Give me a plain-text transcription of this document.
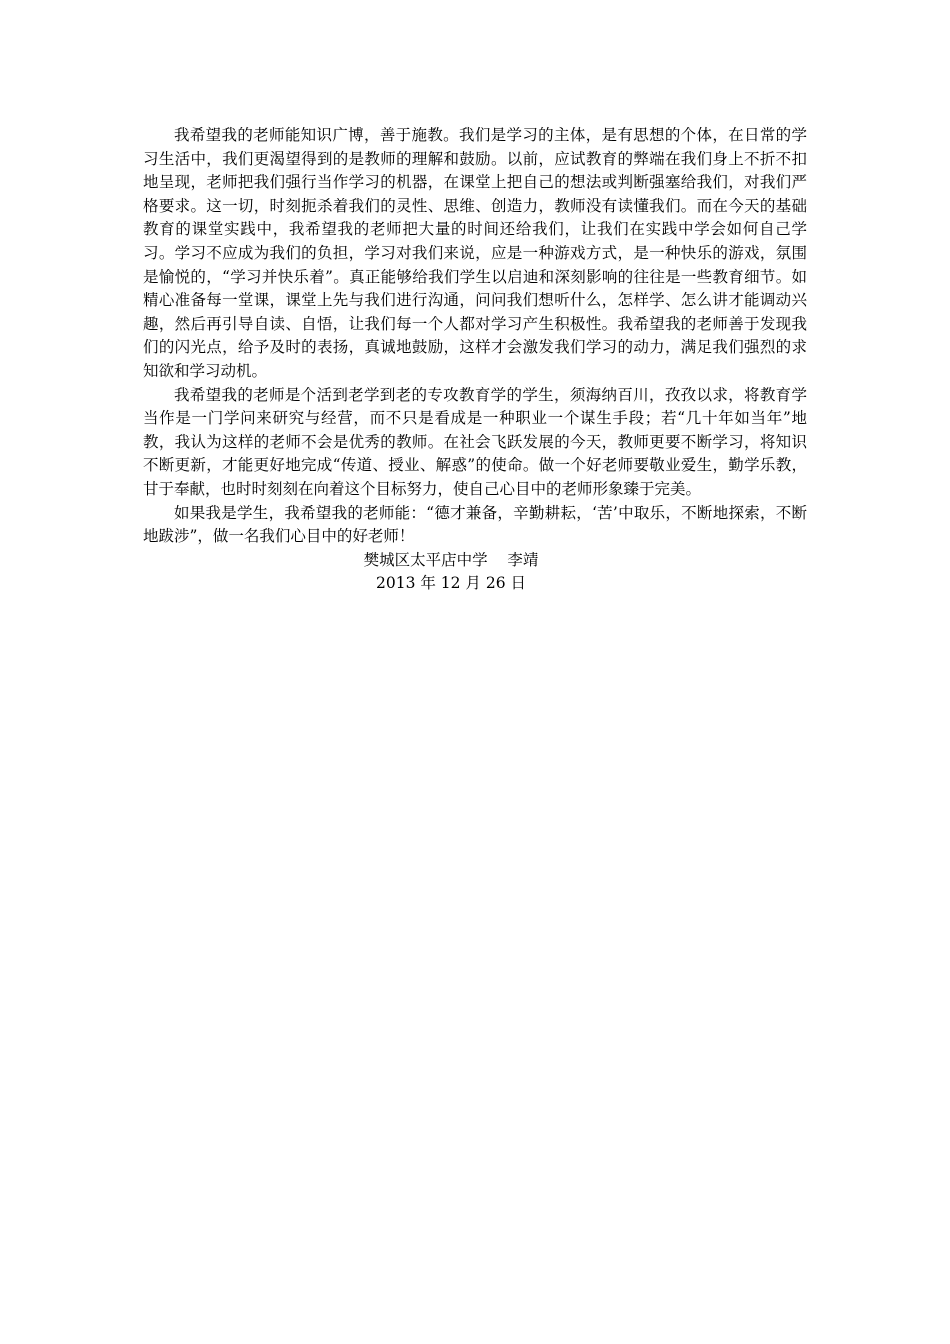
我希望我的老师能知识广博，善于施教。我们是学习的主体，是有思想的个体，在日常的学习生活中，我们更渴望得到的是教师的理解和鼓励。以前，应试教育的弊端在我们身上不折不扣地呈现，老师把我们强行当作学习的机器，在课堂上把自己的想法或判断强塞给我们，对我们严格要求。这一切，时刻扼杀着我们的灵性、思维、创造力，教师没有读懂我们。而在今天的基础教育的课堂实践中，我希望我的老师把大量的时间还给我们，让我们在实践中学会如何自己学习。学习不应成为我们的负担，学习对我们来说，应是一种游戏方式，是一种快乐的游戏，氛围是愉悦的，“学习并快乐着”。真正能够给我们学生以启迪和深刻影响的往往是一些教育细节。如精心准备每一堂课，课堂上先与我们进行沟通，问问我们想听什么，怎样学、怎么讲才能调动兴趣，然后再引导自读、自悟，让我们每一个人都对学习产生积极性。我希望我的老师善于发现我们的闪光点，给予及时的表扬，真诚地鼓励，这样才会激发我们学习的动力，满足我们强烈的求知欲和学习动机。

我希望我的老师是个活到老学到老的专攻教育学的学生，须海纳百川，孜孜以求，将教育学当作是一门学问来研究与经营，而不只是看成是一种职业一个谋生手段；若“几十年如当年”地教，我认为这样的老师不会是优秀的教师。在社会飞跃发展的今天，教师更要不断学习，将知识不断更新，才能更好地完成“传道、授业、解惑”的使命。做一个好老师要敬业爱生，勤学乐教，甘于奉献，也时时刻刻在向着这个目标努力，使自己心目中的老师形象臻于完美。

如果我是学生，我希望我的老师能：“德才兼备，辛勤耕耘，‘苦’中取乐，不断地探索，不断地跋涉”，做一名我们心目中的好老师！

樊城区太平店中学    李靖

2013 年 12 月 26 日
